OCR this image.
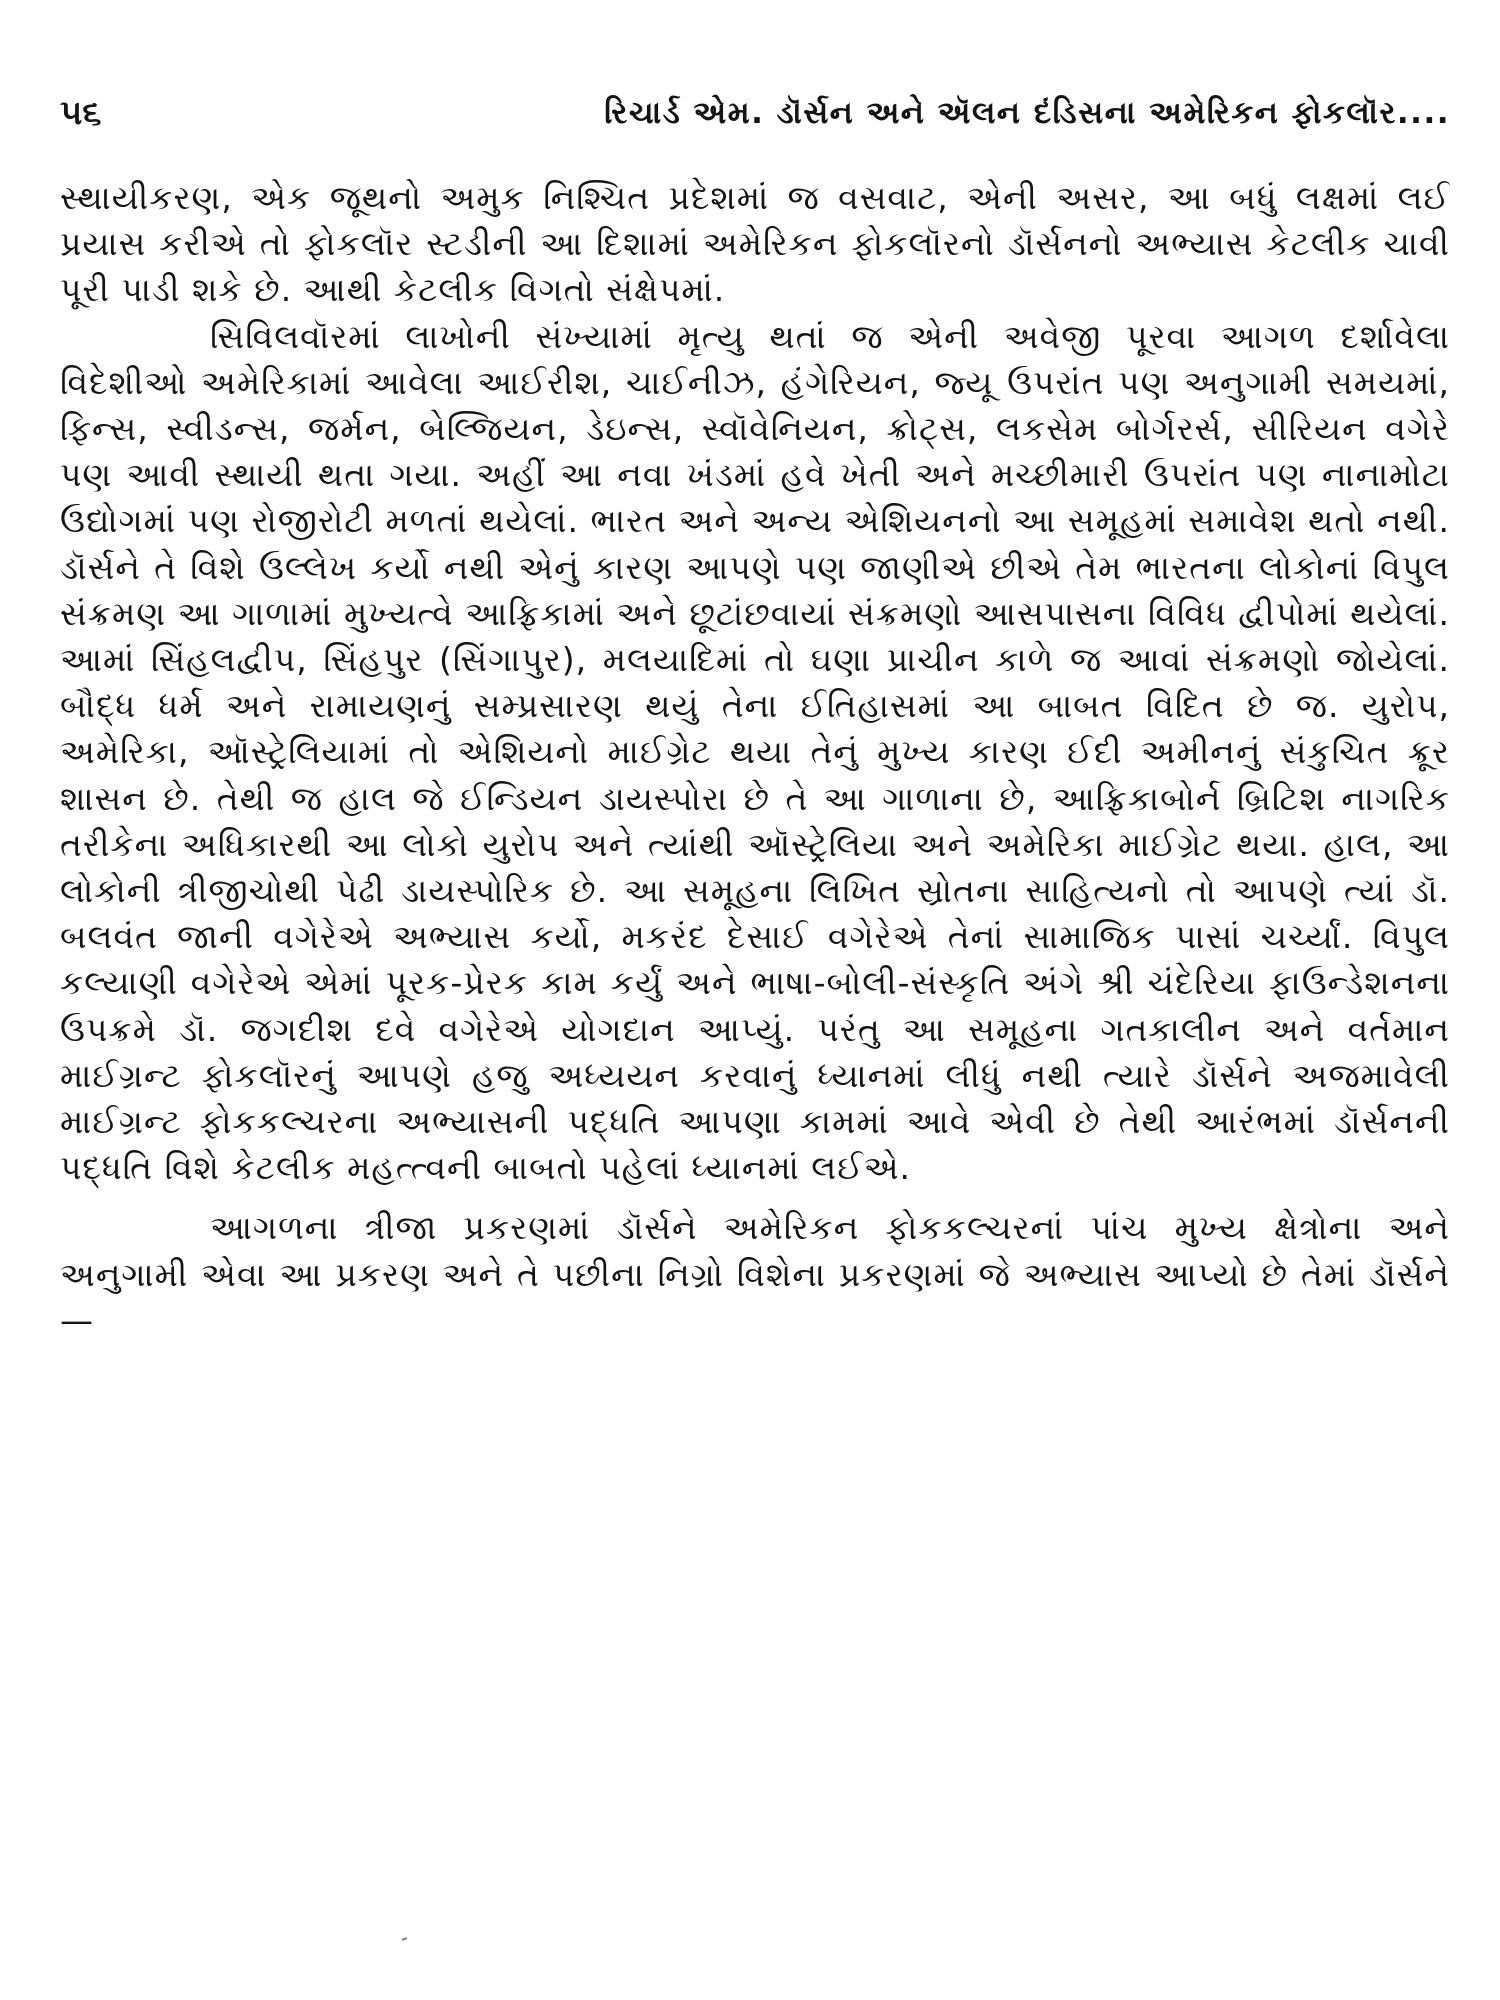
૫૬	રિચાર્ડ એમ. ડૉર્સન અને ઍલન દંડિસના અમેરિકન ફોકલૉર....

સ્થાયીકરણ, એક જૂથનો અમુક નિશ્ચિત પ્રદેશમાં જ વસવાટ, એની અસર, આ બધું લક્ષમાં લઈ પ્રયાસ કરીએ તો ફોકલૉર સ્ટડીની આ દિશામાં અમેરિકન ફોકલૉરનો ડૉર્સનનો અભ્યાસ કેટલીક ચાવી પૂરી પાડી શકે છે. આથી કેટલીક વિગતો સંક્ષેપમાં.

સિવિલવૉરમાં લાખોની સંખ્યામાં મૃત્યુ થતાં જ એની અવેજી પૂરવા આગળ દર્શાવેલા વિદેશીઓ અમેરિકામાં આવેલા આઈરીશ, ચાઈનીઝ, હંગેરિયન, જ્યૂ ઉપરાંત પણ અનુગામી સમયમાં, ફિન્સ, સ્વીડન્સ, જર્મન, બેલ્જિયન, ડેઇન્સ, સ્વૉવેનિયન, ક્રોટ્સ, લકસેમ બોર્ગરર્સ, સીરિયન વગેરે પણ આવી સ્થાયી થતા ગયા. અહીં આ નવા ખંડમાં હવે ખેતી અને મચ્છીમારી ઉપરાંત પણ નાનામોટા ઉદ્યોગમાં પણ રોજીરોટી મળતાં થયેલાં. ભારત અને અન્ય એશિયનનો આ સમૂહમાં સમાવેશ થતો નથી. ડૉર્સને તે વિશે ઉલ્લેખ કર્યો નથી એનું કારણ આપણે પણ જાણીએ છીએ તેમ ભારતના લોકોનાં વિપુલ સંક્રમણ આ ગાળામાં મુખ્યત્વે આફ્રિકામાં અને છૂટાંછવાયાં સંક્રમણો આસપાસના વિવિધ દ્વીપોમાં થયેલાં. આમાં સિંહલદ્વીપ, સિંહપુર (સિંગાપુર), મલયાદિમાં તો ઘણા પ્રાચીન કાળે જ આવાં સંક્રમણો જોયેલાં. બૌદ્ધ ધર્મ અને રામાયણનું સમ્પ્રસારણ થયું તેના ઈતિહાસમાં આ બાબત વિદિત છે જ. યુરોપ, અમેરિકા, ઑસ્ટ્રેલિયામાં તો એશિયનો માઈગ્રેટ થયા તેનું મુખ્ય કારણ ઈદી અમીનનું સંકુચિત ક્રૂર શાસન છે. તેથી જ હાલ જે ઈન્ડિયન ડાયસ્પોરા છે તે આ ગાળાના છે, આફ્રિકાબોર્ન બ્રિટિશ નાગરિક તરીકેના અધિકારથી આ લોકો યુરોપ અને ત્યાંથી ઑસ્ટ્રેલિયા અને અમેરિકા માઈગ્રેટ થયા. હાલ, આ લોકોની ત્રીજીચોથી પેઢી ડાયસ્પોરિક છે. આ સમૂહના લિખિત સ્રોતના સાહિત્યનો તો આપણે ત્યાં ડૉ. બલવંત જાની વગેરેએ અભ્યાસ કર્યો, મકરંદ દેસાઈ વગેરેએ તેનાં સામાજિક પાસાં ચર્ચ્યાં. વિપુલ કલ્યાણી વગેરેએ એમાં પૂરક-પ્રેરક કામ કર્યું અને ભાષા-બોલી-સંસ્કૃતિ અંગે શ્રી ચંદેરિયા ફાઉન્ડેશનના ઉપક્રમે ડૉ. જગદીશ દવે વગેરેએ યોગદાન આપ્યું. પરંતુ આ સમૂહના ગતકાલીન અને વર્તમાન માઈગ્રન્ટ ફોકલૉરનું આપણે હજુ અધ્યયન કરવાનું ધ્યાનમાં લીધું નથી ત્યારે ડૉર્સને અજમાવેલી માઈગ્રન્ટ ફોકકલ્ચરના અભ્યાસની પદ્ધતિ આપણા કામમાં આવે એવી છે તેથી આરંભમાં ડૉર્સનની પદ્ધતિ વિશે કેટલીક મહત્ત્વની બાબતો પહેલાં ધ્યાનમાં લઈએ.

આગળના ત્રીજા પ્રકરણમાં ડૉર્સને અમેરિકન ફોકકલ્ચરનાં પાંચ મુખ્ય ક્ષેત્રોના અને અનુગામી એવા આ પ્રકરણ અને તે પછીના નિગ્રો વિશેના પ્રકરણમાં જે અભ્યાસ આપ્યો છે તેમાં ડૉર્સને —
